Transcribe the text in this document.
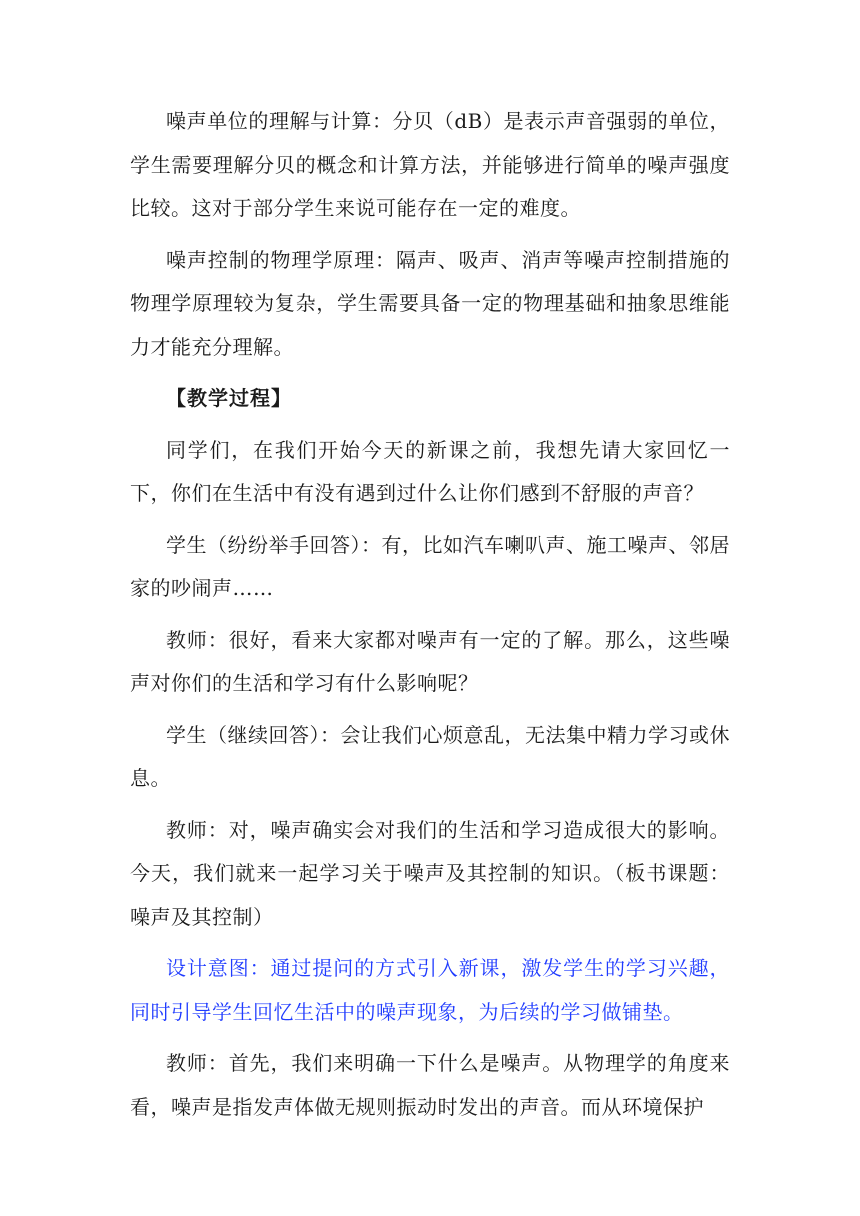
噪声单位的理解与计算：分贝（dB）是表示声音强弱的单位，学生需要理解分贝的概念和计算方法，并能够进行简单的噪声强度比较。这对于部分学生来说可能存在一定的难度。

噪声控制的物理学原理：隔声、吸声、消声等噪声控制措施的物理学原理较为复杂，学生需要具备一定的物理基础和抽象思维能力才能充分理解。

【教学过程】

同学们，在我们开始今天的新课之前，我想先请大家回忆一下，你们在生活中有没有遇到过什么让你们感到不舒服的声音？

学生（纷纷举手回答）：有，比如汽车喇叭声、施工噪声、邻居家的吵闹声……

教师：很好，看来大家都对噪声有一定的了解。那么，这些噪声对你们的生活和学习有什么影响呢？

学生（继续回答）：会让我们心烦意乱，无法集中精力学习或休息。

教师：对，噪声确实会对我们的生活和学习造成很大的影响。今天，我们就来一起学习关于噪声及其控制的知识。（板书课题：噪声及其控制）

设计意图：通过提问的方式引入新课，激发学生的学习兴趣，同时引导学生回忆生活中的噪声现象，为后续的学习做铺垫。

教师：首先，我们来明确一下什么是噪声。从物理学的角度来看，噪声是指发声体做无规则振动时发出的声音。而从环境保护
